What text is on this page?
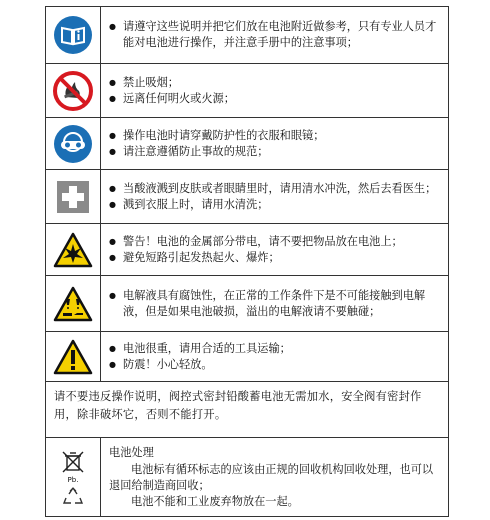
● 请遵守这些说明并把它们放在电池附近做参考，只有专业人员才能对电池进行操作，并注意手册中的注意事项；
● 禁止吸烟；
● 远离任何明火或火源；
● 操作电池时请穿戴防护性的衣服和眼镜；
● 请注意遵循防止事故的规范；
● 当酸液溅到皮肤或者眼睛里时，请用清水冲洗，然后去看医生；
● 溅到衣服上时，请用水清洗；
● 警告！电池的金属部分带电，请不要把物品放在电池上；
● 避免短路引起发热起火、爆炸；
● 电解液具有腐蚀性，在正常的工作条件下是不可能接触到电解液，但是如果电池破损，溢出的电解液请不要触碰；
● 电池很重，请用合适的工具运输；
● 防震！小心轻放。
请不要违反操作说明，阀控式密封铅酸蓄电池无需加水，安全阀有密封作用，除非破坏它，否则不能打开。
Pb.
电池处理
电池标有循环标志的应该由正规的回收机构回收处理，也可以退回给制造商回收；
电池不能和工业废弃物放在一起。
